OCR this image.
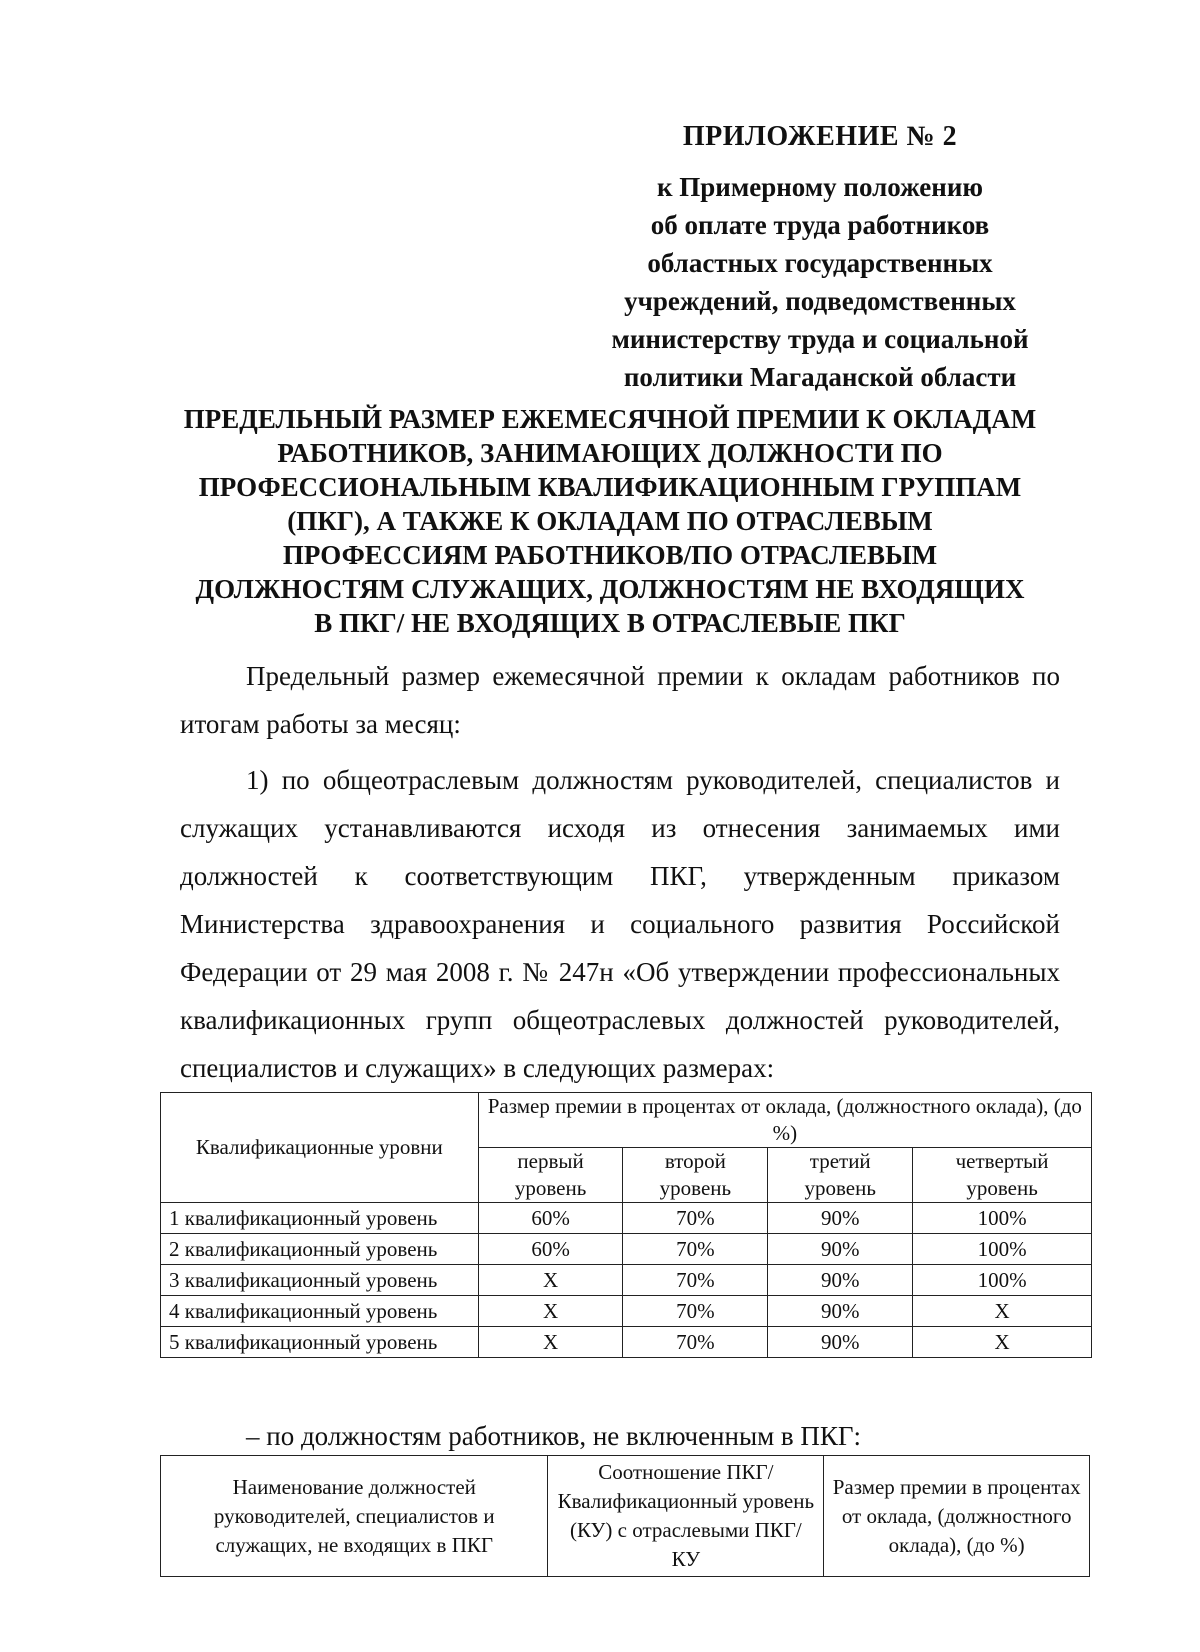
ПРИЛОЖЕНИЕ № 2
к Примерному положению
об оплате труда работников
областных государственных
учреждений, подведомственных
министерству труда и социальной
политики Магаданской области
ПРЕДЕЛЬНЫЙ РАЗМЕР ЕЖЕМЕСЯЧНОЙ ПРЕМИИ К ОКЛАДАМ
РАБОТНИКОВ, ЗАНИМАЮЩИХ ДОЛЖНОСТИ ПО
ПРОФЕССИОНАЛЬНЫМ КВАЛИФИКАЦИОННЫМ ГРУППАМ
(ПКГ), А ТАКЖЕ К ОКЛАДАМ ПО ОТРАСЛЕВЫМ
ПРОФЕССИЯМ РАБОТНИКОВ/ПО ОТРАСЛЕВЫМ
ДОЛЖНОСТЯМ СЛУЖАЩИХ, ДОЛЖНОСТЯМ НЕ ВХОДЯЩИХ
В ПКГ/ НЕ ВХОДЯЩИХ В ОТРАСЛЕВЫЕ ПКГ
Предельный размер ежемесячной премии к окладам работников по итогам работы за месяц:
1) по общеотраслевым должностям руководителей, специалистов и служащих устанавливаются исходя из отнесения занимаемых ими должностей к соответствующим ПКГ, утвержденным приказом Министерства здравоохранения и социального развития Российской Федерации от 29 мая 2008 г. № 247н «Об утверждении профессиональных квалификационных групп общеотраслевых должностей руководителей, специалистов и служащих» в следующих размерах:
Квалификационные уровни	Размер премии в процентах от оклада, (должностного оклада), (до %)			
	первый уровень	второй уровень	третий уровень	четвертый уровень
1 квалификационный уровень	60%	70%	90%	100%
2 квалификационный уровень	60%	70%	90%	100%
3 квалификационный уровень	Х	70%	90%	100%
4 квалификационный уровень	Х	70%	90%	Х
5 квалификационный уровень	Х	70%	90%	Х
– по должностям работников, не включенным в ПКГ:
Наименование должностей руководителей, специалистов и служащих, не входящих в ПКГ	Соотношение ПКГ/Квалификационный уровень (КУ) с отраслевыми ПКГ/КУ	Размер премии в процентах от оклада, (должностного оклада), (до %)
